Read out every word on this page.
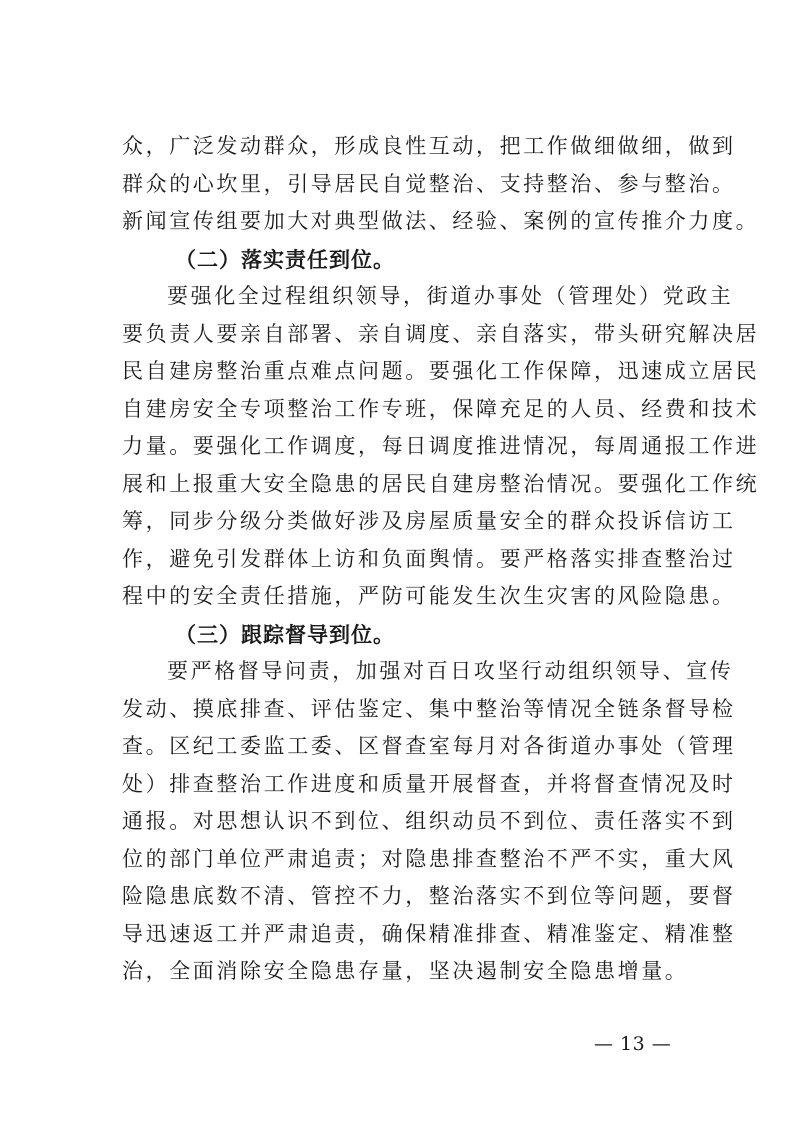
众，广泛发动群众，形成良性互动，把工作做细做细，做到
群众的心坎里，引导居民自觉整治、支持整治、参与整治。
新闻宣传组要加大对典型做法、经验、案例的宣传推介力度。
（二）落实责任到位。
要强化全过程组织领导，街道办事处（管理处）党政主
要负责人要亲自部署、亲自调度、亲自落实，带头研究解决居
民自建房整治重点难点问题。要强化工作保障，迅速成立居民
自建房安全专项整治工作专班，保障充足的人员、经费和技术
力量。要强化工作调度，每日调度推进情况，每周通报工作进
展和上报重大安全隐患的居民自建房整治情况。要强化工作统
筹，同步分级分类做好涉及房屋质量安全的群众投诉信访工
作，避免引发群体上访和负面舆情。要严格落实排查整治过
程中的安全责任措施，严防可能发生次生灾害的风险隐患。
（三）跟踪督导到位。
要严格督导问责，加强对百日攻坚行动组织领导、宣传
发动、摸底排查、评估鉴定、集中整治等情况全链条督导检
查。区纪工委监工委、区督查室每月对各街道办事处（管理
处）排查整治工作进度和质量开展督查，并将督查情况及时
通报。对思想认识不到位、组织动员不到位、责任落实不到
位的部门单位严肃追责；对隐患排查整治不严不实，重大风
险隐患底数不清、管控不力，整治落实不到位等问题，要督
导迅速返工并严肃追责，确保精准排查、精准鉴定、精准整
治，全面消除安全隐患存量，坚决遏制安全隐患增量。
— 13 —
